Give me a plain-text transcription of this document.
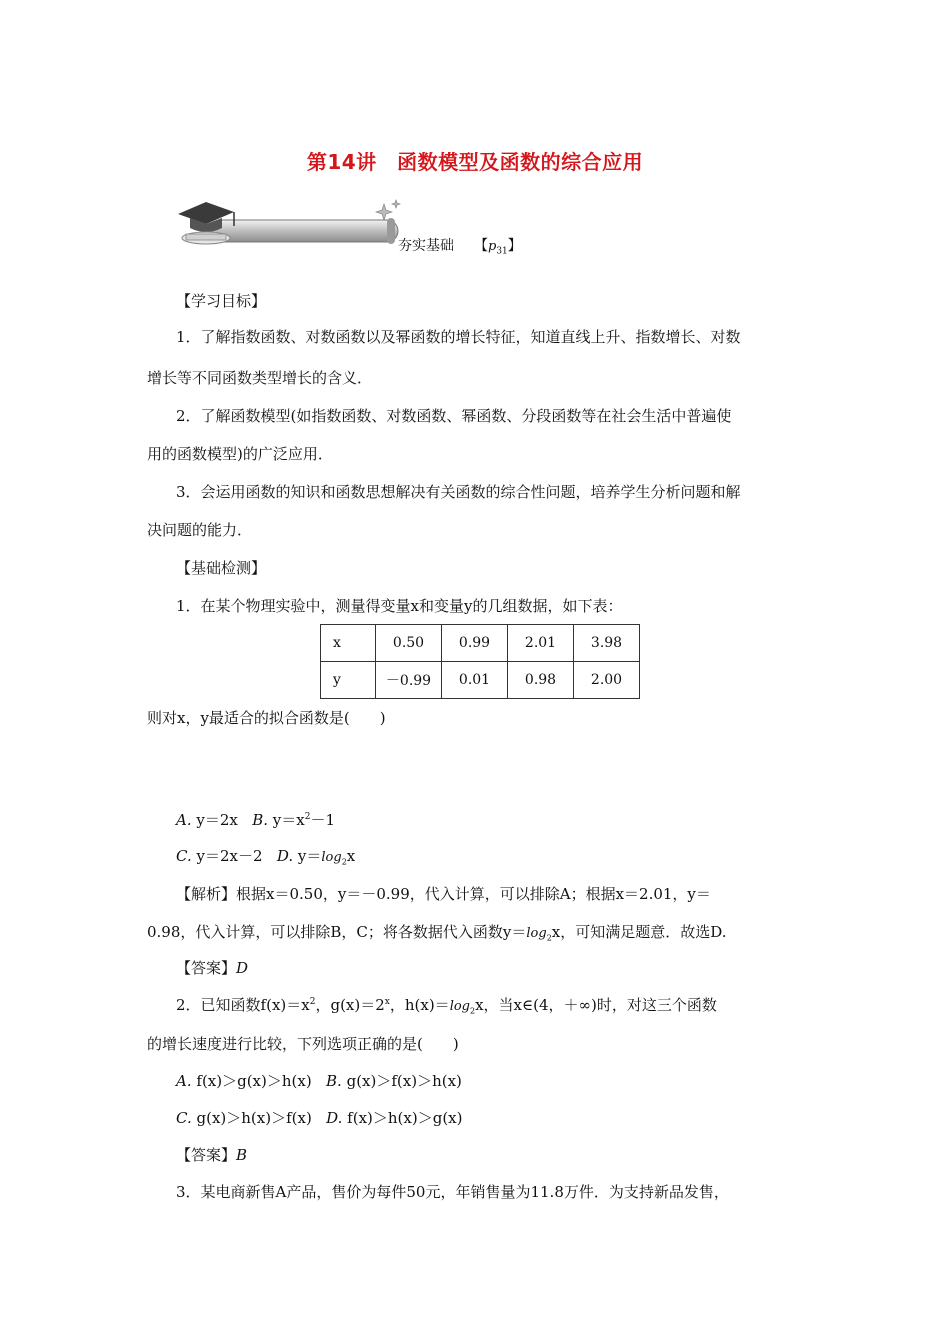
第14讲　函数模型及函数的综合应用
夯实基础 【$p_{31}$】
【学习目标】
1．了解指数函数、对数函数以及幂函数的增长特征，知道直线上升、指数增长、对数
增长等不同函数类型增长的含义．
2．了解函数模型(如指数函数、对数函数、幂函数、分段函数等在社会生活中普遍使
用的函数模型)的广泛应用．
3．会运用函数的知识和函数思想解决有关函数的综合性问题，培养学生分析问题和解
决问题的能力．
【基础检测】
1．在某个物理实验中，测量得变量x和变量y的几组数据，如下表：
x	0.50	0.99	2.01	3.98
y	－0.99	0.01	0.98	2.00
则对x，y最适合的拟合函数是(　　)
A. y＝2x B. $y=x^2-1$
C. y＝2x－2 D. $y=\log_2x$
【解析】根据x＝0.50，y＝－0.99，代入计算，可以排除A；根据x＝2.01，y＝
0.98，代入计算，可以排除B，C；将各数据代入函数$y=\log_2x$，可知满足题意．故选D.
【答案】D
2．已知函数$f(x)=x^2$，$g(x)=2^x$，$h(x)=\log_2x$，当x∈(4，＋∞)时，对这三个函数
的增长速度进行比较，下列选项正确的是(　　)
A. f(x)＞g(x)＞h(x) B. g(x)＞f(x)＞h(x)
C. g(x)＞h(x)＞f(x) D. f(x)＞h(x)＞g(x)
【答案】B
3．某电商新售A产品，售价为每件50元，年销售量为11.8万件．为支持新品发售，
